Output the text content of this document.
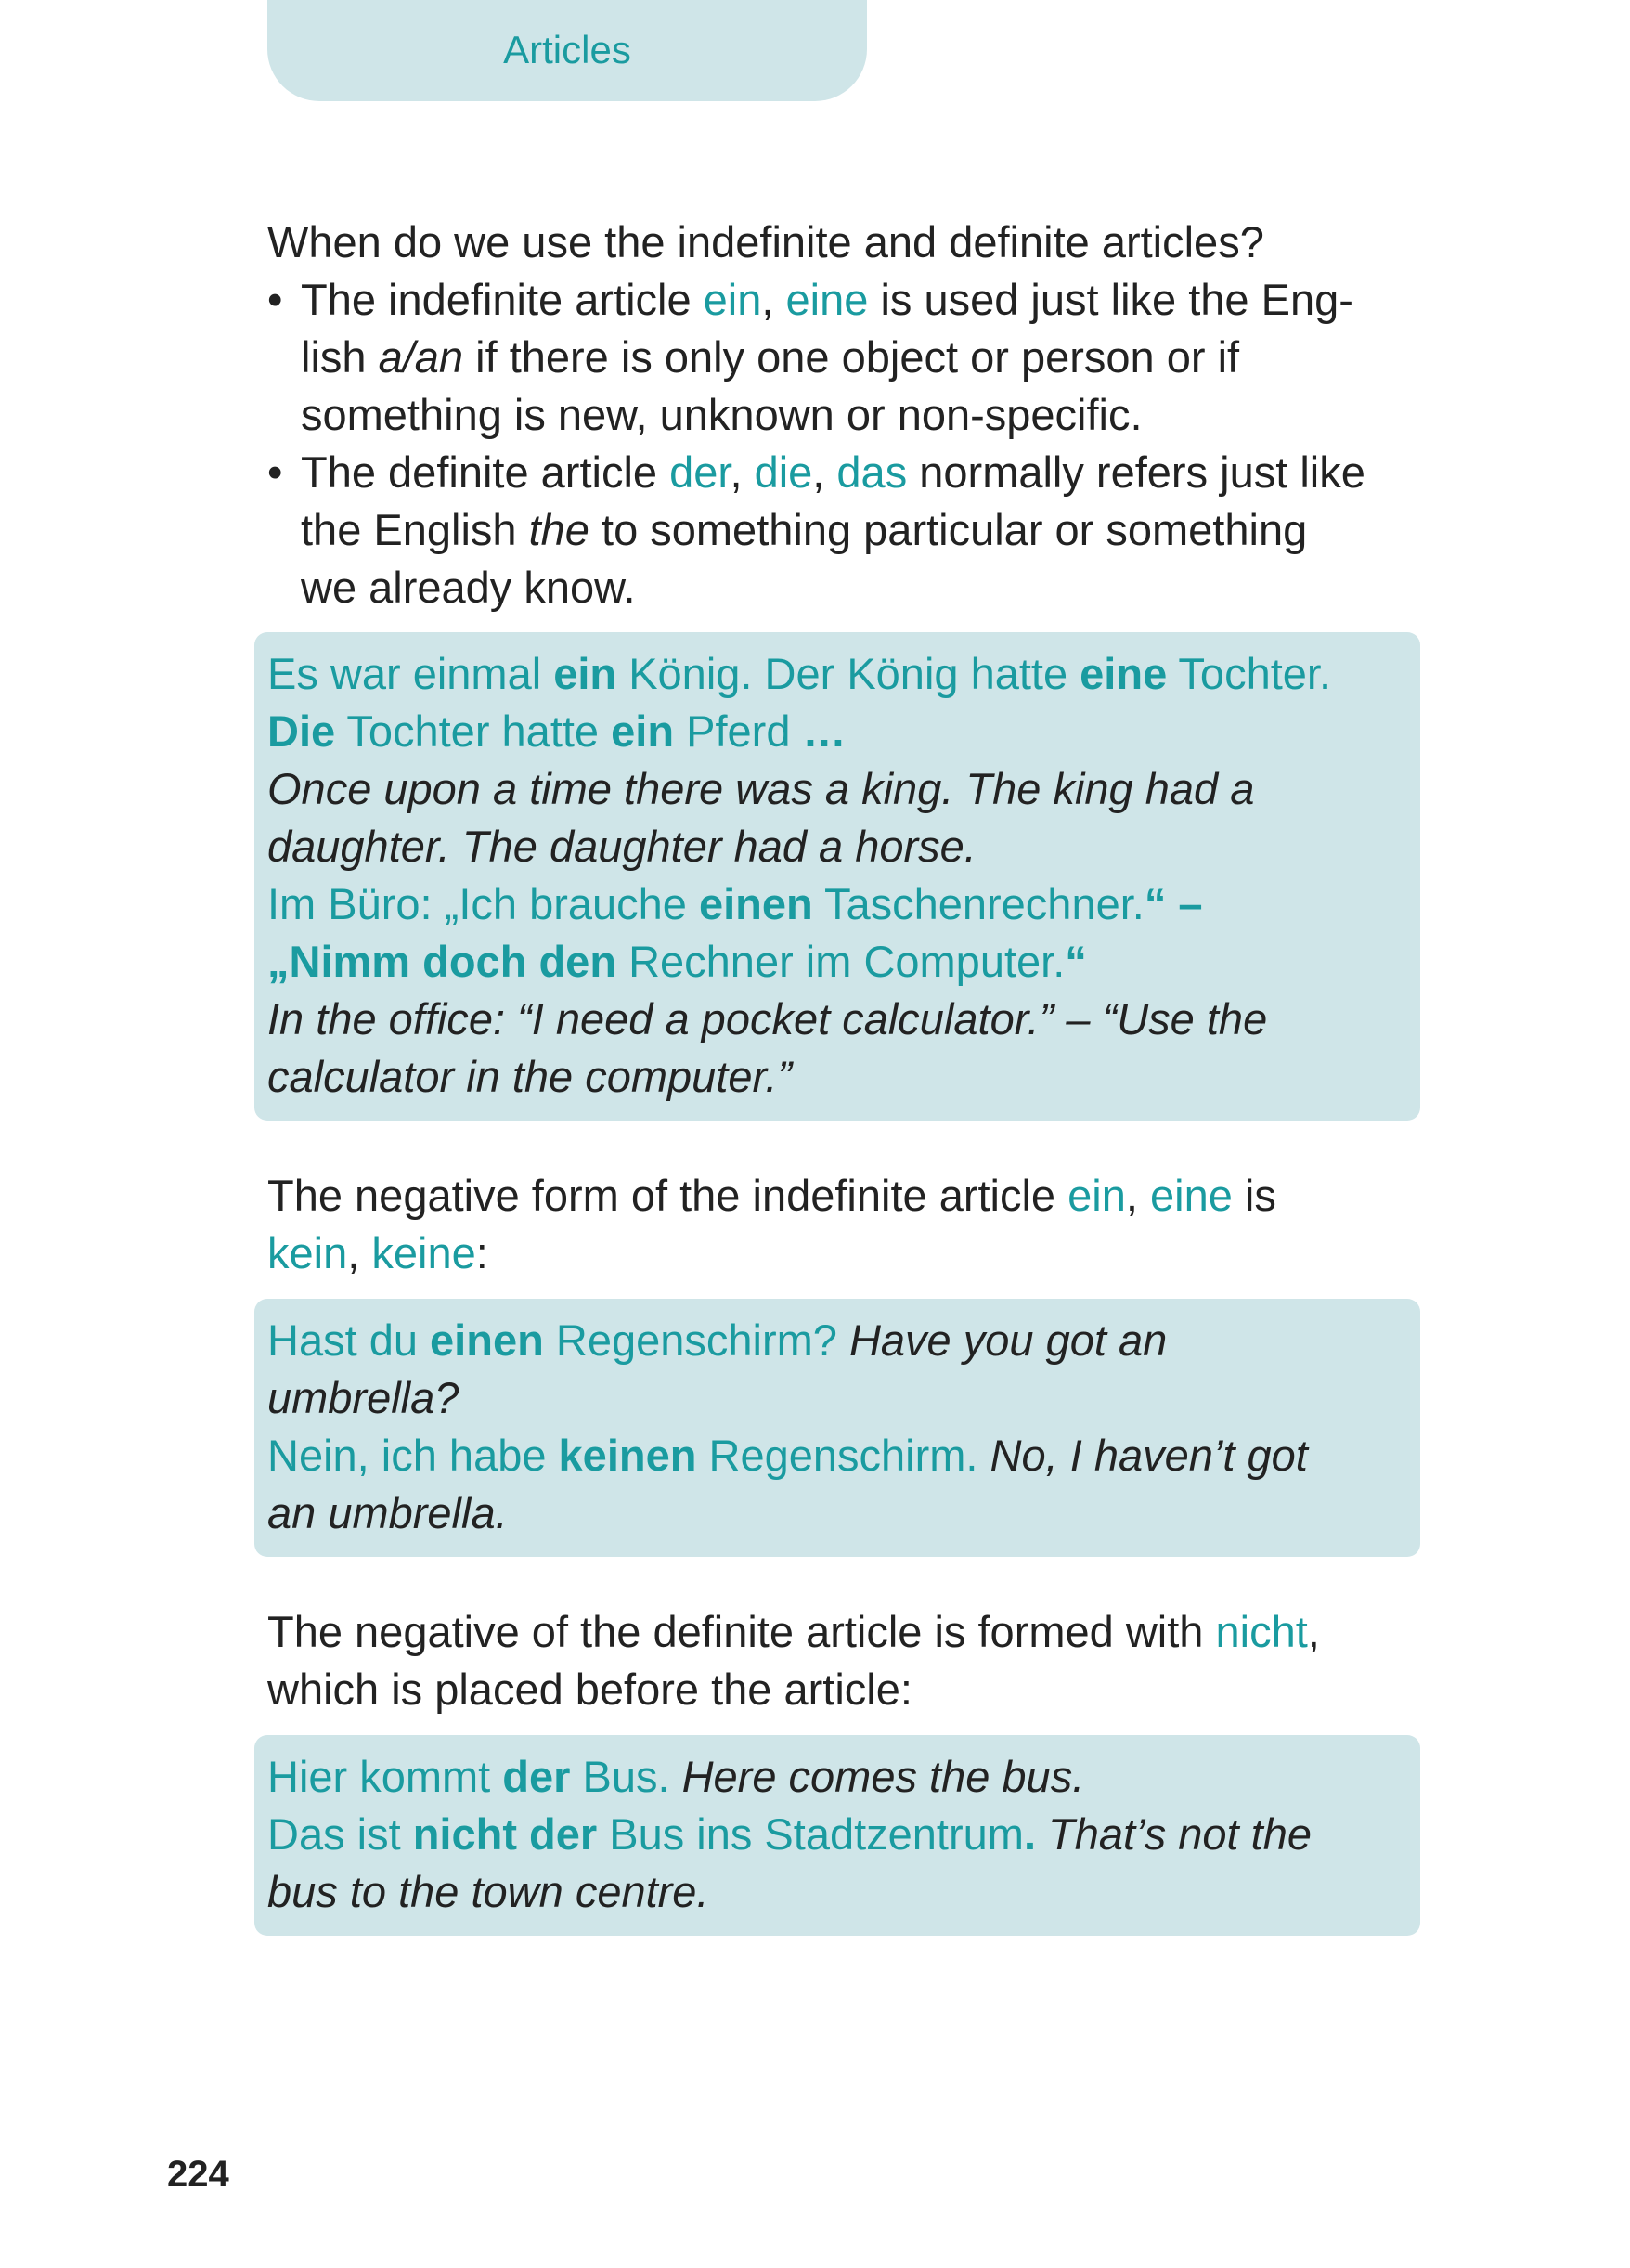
Articles

When do we use the indefinite and definite articles?

• The indefinite article ein, eine is used just like the Eng-
lish a/an if there is only one object or person or if
something is new, unknown or non-specific.
• The definite article der, die, das normally refers just like
the English the to something particular or something
we already know.
Es war einmal ein König. Der König hatte eine Tochter.
Die Tochter hatte ein Pferd …
Once upon a time there was a king. The king had a
daughter. The daughter had a horse.
Im Büro: „Ich brauche einen Taschenrechner.“ –
„Nimm doch den Rechner im Computer.“
In the office: “I need a pocket calculator.” – “Use the
calculator in the computer.”
The negative form of the indefinite article ein, eine is
kein, keine:
Hast du einen Regenschirm? Have you got an
umbrella?
Nein, ich habe keinen Regenschirm. No, I haven’t got
an umbrella.
The negative of the definite article is formed with nicht,
which is placed before the article:
Hier kommt der Bus. Here comes the bus.
Das ist nicht der Bus ins Stadtzentrum. That’s not the
bus to the town centre.
224
